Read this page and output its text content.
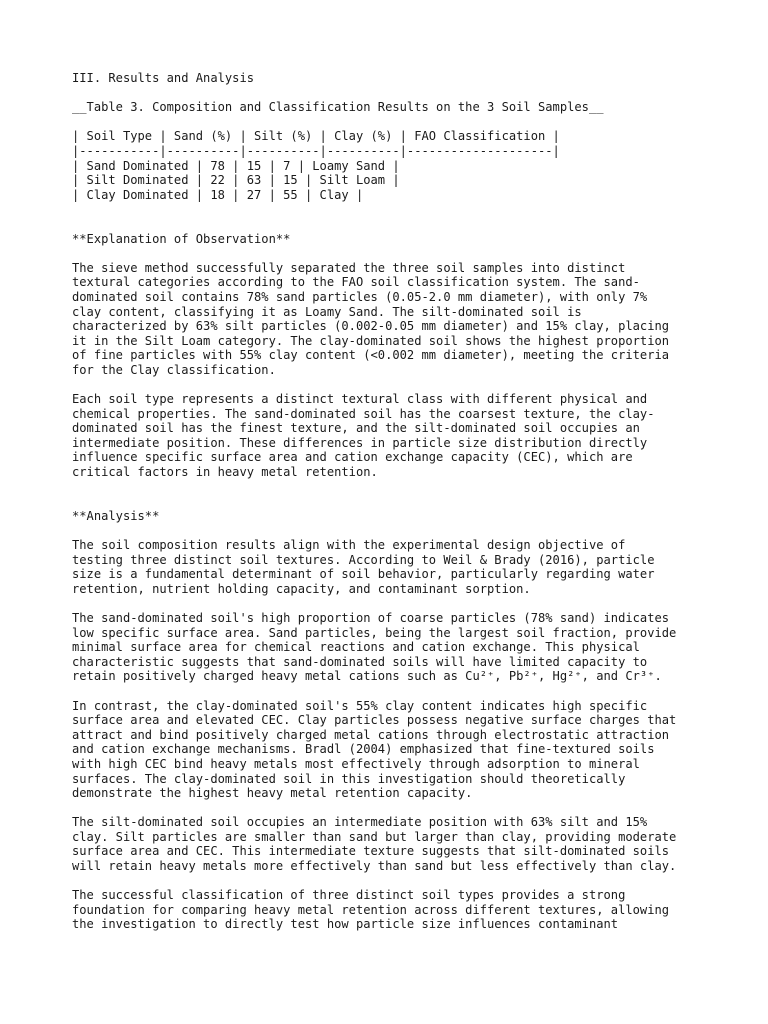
III. Results and Analysis
__Table 3. Composition and Classification Results on the 3 Soil Samples__
| Soil Type | Sand (%) | Silt (%) | Clay (%) | FAO Classification |
|-----------|----------|----------|----------|--------------------|
| Sand Dominated | 78 | 15 | 7 | Loamy Sand |
| Silt Dominated | 22 | 63 | 15 | Silt Loam |
| Clay Dominated | 18 | 27 | 55 | Clay |
**Explanation of Observation**
The sieve method successfully separated the three soil samples into distinct
textural categories according to the FAO soil classification system. The sand-
dominated soil contains 78% sand particles (0.05-2.0 mm diameter), with only 7%
clay content, classifying it as Loamy Sand. The silt-dominated soil is
characterized by 63% silt particles (0.002-0.05 mm diameter) and 15% clay, placing
it in the Silt Loam category. The clay-dominated soil shows the highest proportion
of fine particles with 55% clay content (<0.002 mm diameter), meeting the criteria
for the Clay classification.
Each soil type represents a distinct textural class with different physical and
chemical properties. The sand-dominated soil has the coarsest texture, the clay-
dominated soil has the finest texture, and the silt-dominated soil occupies an
intermediate position. These differences in particle size distribution directly
influence specific surface area and cation exchange capacity (CEC), which are
critical factors in heavy metal retention.
**Analysis**
The soil composition results align with the experimental design objective of
testing three distinct soil textures. According to Weil & Brady (2016), particle
size is a fundamental determinant of soil behavior, particularly regarding water
retention, nutrient holding capacity, and contaminant sorption.
The sand-dominated soil's high proportion of coarse particles (78% sand) indicates
low specific surface area. Sand particles, being the largest soil fraction, provide
minimal surface area for chemical reactions and cation exchange. This physical
characteristic suggests that sand-dominated soils will have limited capacity to
retain positively charged heavy metal cations such as Cu²⁺, Pb²⁺, Hg²⁺, and Cr³⁺.
In contrast, the clay-dominated soil's 55% clay content indicates high specific
surface area and elevated CEC. Clay particles possess negative surface charges that
attract and bind positively charged metal cations through electrostatic attraction
and cation exchange mechanisms. Bradl (2004) emphasized that fine-textured soils
with high CEC bind heavy metals most effectively through adsorption to mineral
surfaces. The clay-dominated soil in this investigation should theoretically
demonstrate the highest heavy metal retention capacity.
The silt-dominated soil occupies an intermediate position with 63% silt and 15%
clay. Silt particles are smaller than sand but larger than clay, providing moderate
surface area and CEC. This intermediate texture suggests that silt-dominated soils
will retain heavy metals more effectively than sand but less effectively than clay.
The successful classification of three distinct soil types provides a strong
foundation for comparing heavy metal retention across different textures, allowing
the investigation to directly test how particle size influences contaminant
